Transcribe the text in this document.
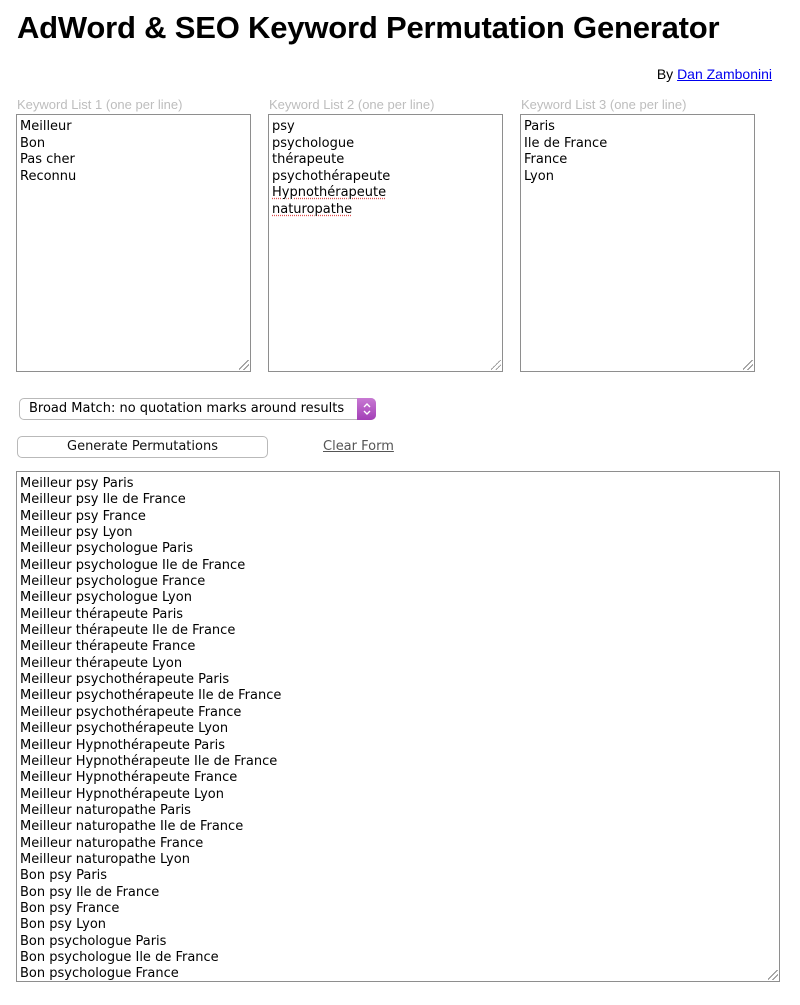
AdWord & SEO Keyword Permutation Generator
By Dan Zambonini
Keyword List 1 (one per line)
Meilleur
Bon
Pas cher
Reconnu
Keyword List 2 (one per line)
psy
psychologue
thérapeute
psychothérapeute
Hypnothérapeute
naturopathe
Keyword List 3 (one per line)
Paris
Ile de France
France
Lyon
Broad Match: no quotation marks around results
Generate Permutations	Clear Form
Meilleur psy Paris
Meilleur psy Ile de France
Meilleur psy France
Meilleur psy Lyon
Meilleur psychologue Paris
Meilleur psychologue Ile de France
Meilleur psychologue France
Meilleur psychologue Lyon
Meilleur thérapeute Paris
Meilleur thérapeute Ile de France
Meilleur thérapeute France
Meilleur thérapeute Lyon
Meilleur psychothérapeute Paris
Meilleur psychothérapeute Ile de France
Meilleur psychothérapeute France
Meilleur psychothérapeute Lyon
Meilleur Hypnothérapeute Paris
Meilleur Hypnothérapeute Ile de France
Meilleur Hypnothérapeute France
Meilleur Hypnothérapeute Lyon
Meilleur naturopathe Paris
Meilleur naturopathe Ile de France
Meilleur naturopathe France
Meilleur naturopathe Lyon
Bon psy Paris
Bon psy Ile de France
Bon psy France
Bon psy Lyon
Bon psychologue Paris
Bon psychologue Ile de France
Bon psychologue France
